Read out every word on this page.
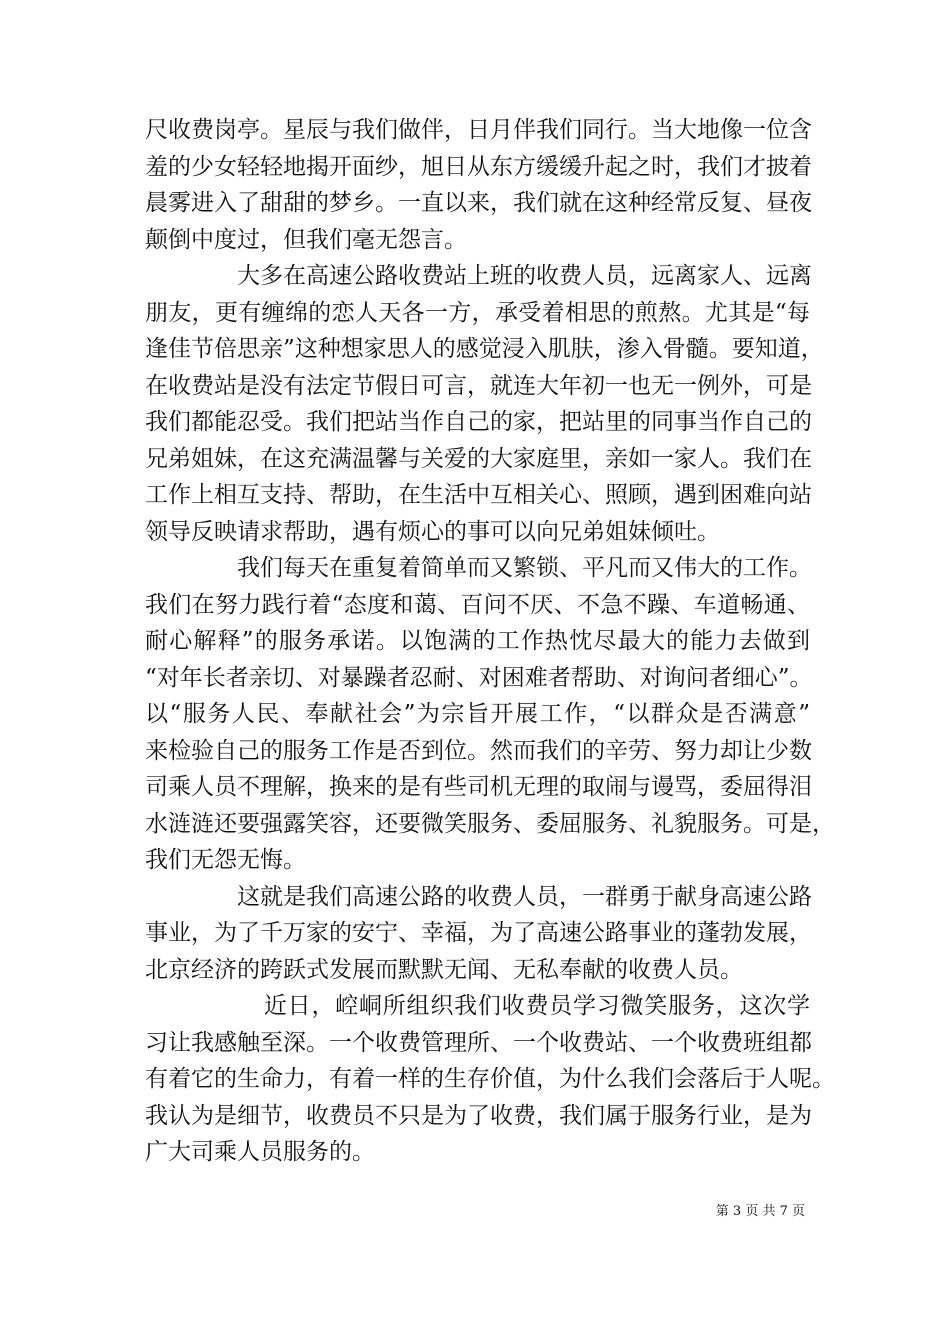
尺收费岗亭。星辰与我们做伴，日月伴我们同行。当大地像一位含
羞的少女轻轻地揭开面纱，旭日从东方缓缓升起之时，我们才披着
晨雾进入了甜甜的梦乡。一直以来，我们就在这种经常反复、昼夜
颠倒中度过，但我们毫无怨言。
　　　　大多在高速公路收费站上班的收费人员，远离家人、远离
朋友，更有缠绵的恋人天各一方，承受着相思的煎熬。尤其是“每
逢佳节倍思亲”这种想家思人的感觉浸入肌肤，渗入骨髓。要知道，
在收费站是没有法定节假日可言，就连大年初一也无一例外，可是
我们都能忍受。我们把站当作自己的家，把站里的同事当作自己的
兄弟姐妹，在这充满温馨与关爱的大家庭里，亲如一家人。我们在
工作上相互支持、帮助，在生活中互相关心、照顾，遇到困难向站
领导反映请求帮助，遇有烦心的事可以向兄弟姐妹倾吐。
　　　　我们每天在重复着简单而又繁锁、平凡而又伟大的工作。
我们在努力践行着“态度和蔼、百问不厌、不急不躁、车道畅通、
耐心解释”的服务承诺。以饱满的工作热忱尽最大的能力去做到
“对年长者亲切、对暴躁者忍耐、对困难者帮助、对询问者细心”。
以“服务人民、奉献社会”为宗旨开展工作，“以群众是否满意”
来检验自己的服务工作是否到位。然而我们的辛劳、努力却让少数
司乘人员不理解，换来的是有些司机无理的取闹与谩骂，委屈得泪
水涟涟还要强露笑容，还要微笑服务、委屈服务、礼貌服务。可是，
我们无怨无悔。
　　　　这就是我们高速公路的收费人员，一群勇于献身高速公路
事业，为了千万家的安宁、幸福，为了高速公路事业的蓬勃发展，
北京经济的跨跃式发展而默默无闻、无私奉献的收费人员。
　　　　　近日，崆峒所组织我们收费员学习微笑服务，这次学
习让我感触至深。一个收费管理所、一个收费站、一个收费班组都
有着它的生命力，有着一样的生存价值，为什么我们会落后于人呢。
我认为是细节，收费员不只是为了收费，我们属于服务行业，是为
广大司乘人员服务的。
第 3 页 共 7 页
